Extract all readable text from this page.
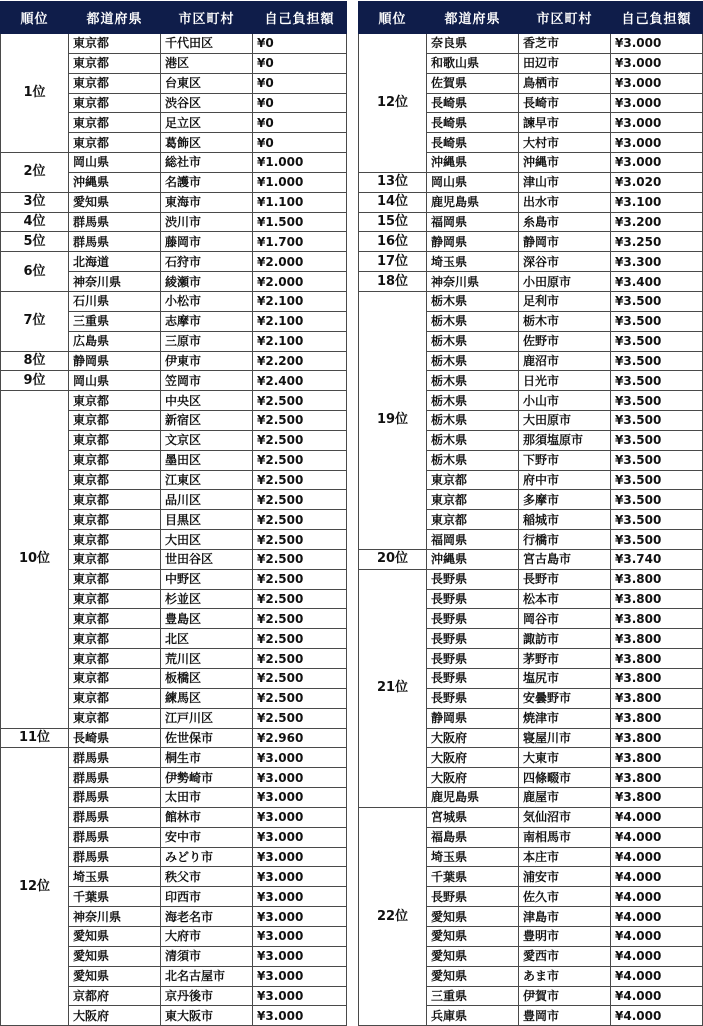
順位	都道府県	市区町村	自己負担額
1位	東京都	千代田区	¥0
	東京都	港区	¥0
	東京都	台東区	¥0
	東京都	渋谷区	¥0
	東京都	足立区	¥0
	東京都	葛飾区	¥0
2位	岡山県	総社市	¥1.000
	沖縄県	名護市	¥1.000
3位	愛知県	東海市	¥1.100
4位	群馬県	渋川市	¥1.500
5位	群馬県	藤岡市	¥1.700
6位	北海道	石狩市	¥2.000
	神奈川県	綾瀬市	¥2.000
7位	石川県	小松市	¥2.100
	三重県	志摩市	¥2.100
	広島県	三原市	¥2.100
8位	静岡県	伊東市	¥2.200
9位	岡山県	笠岡市	¥2.400
10位	東京都	中央区	¥2.500
	東京都	新宿区	¥2.500
	東京都	文京区	¥2.500
	東京都	墨田区	¥2.500
	東京都	江東区	¥2.500
	東京都	品川区	¥2.500
	東京都	目黒区	¥2.500
	東京都	大田区	¥2.500
	東京都	世田谷区	¥2.500
	東京都	中野区	¥2.500
	東京都	杉並区	¥2.500
	東京都	豊島区	¥2.500
	東京都	北区	¥2.500
	東京都	荒川区	¥2.500
	東京都	板橋区	¥2.500
	東京都	練馬区	¥2.500
	東京都	江戸川区	¥2.500
11位	長崎県	佐世保市	¥2.960
12位	群馬県	桐生市	¥3.000
	群馬県	伊勢崎市	¥3.000
	群馬県	太田市	¥3.000
	群馬県	館林市	¥3.000
	群馬県	安中市	¥3.000
	群馬県	みどり市	¥3.000
	埼玉県	秩父市	¥3.000
	千葉県	印西市	¥3.000
	神奈川県	海老名市	¥3.000
	愛知県	大府市	¥3.000
	愛知県	清須市	¥3.000
	愛知県	北名古屋市	¥3.000
	京都府	京丹後市	¥3.000
	大阪府	東大阪市	¥3.000
順位	都道府県	市区町村	自己負担額
12位	奈良県	香芝市	¥3.000
	和歌山県	田辺市	¥3.000
	佐賀県	鳥栖市	¥3.000
	長崎県	長崎市	¥3.000
	長崎県	諫早市	¥3.000
	長崎県	大村市	¥3.000
	沖縄県	沖縄市	¥3.000
13位	岡山県	津山市	¥3.020
14位	鹿児島県	出水市	¥3.100
15位	福岡県	糸島市	¥3.200
16位	静岡県	静岡市	¥3.250
17位	埼玉県	深谷市	¥3.300
18位	神奈川県	小田原市	¥3.400
19位	栃木県	足利市	¥3.500
	栃木県	栃木市	¥3.500
	栃木県	佐野市	¥3.500
	栃木県	鹿沼市	¥3.500
	栃木県	日光市	¥3.500
	栃木県	小山市	¥3.500
	栃木県	大田原市	¥3.500
	栃木県	那須塩原市	¥3.500
	栃木県	下野市	¥3.500
	東京都	府中市	¥3.500
	東京都	多摩市	¥3.500
	東京都	稲城市	¥3.500
	福岡県	行橋市	¥3.500
20位	沖縄県	宮古島市	¥3.740
21位	長野県	長野市	¥3.800
	長野県	松本市	¥3.800
	長野県	岡谷市	¥3.800
	長野県	諏訪市	¥3.800
	長野県	茅野市	¥3.800
	長野県	塩尻市	¥3.800
	長野県	安曇野市	¥3.800
	静岡県	焼津市	¥3.800
	大阪府	寝屋川市	¥3.800
	大阪府	大東市	¥3.800
	大阪府	四條畷市	¥3.800
	鹿児島県	鹿屋市	¥3.800
22位	宮城県	気仙沼市	¥4.000
	福島県	南相馬市	¥4.000
	埼玉県	本庄市	¥4.000
	千葉県	浦安市	¥4.000
	長野県	佐久市	¥4.000
	愛知県	津島市	¥4.000
	愛知県	豊明市	¥4.000
	愛知県	愛西市	¥4.000
	愛知県	あま市	¥4.000
	三重県	伊賀市	¥4.000
	兵庫県	豊岡市	¥4.000
